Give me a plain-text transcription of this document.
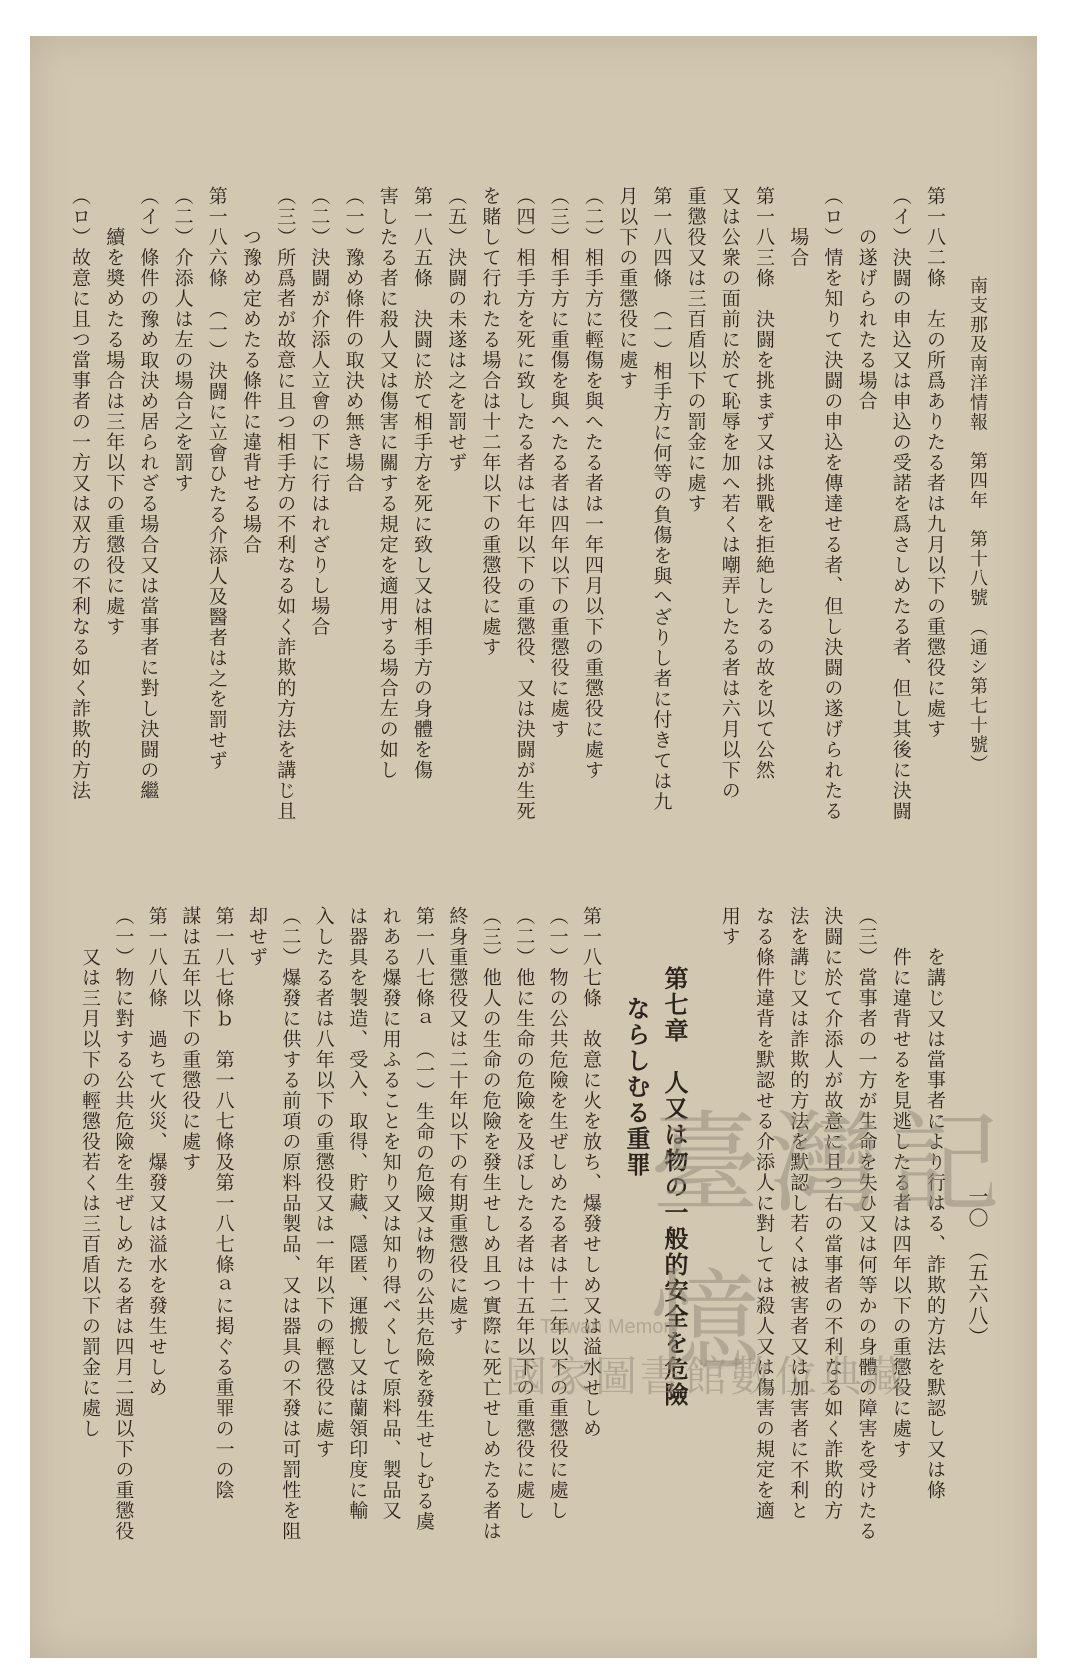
南支那及南洋情報　第四年　第十八號　（通シ第七十號）
一〇　（五六八）
第一八二條　左の所爲ありたる者は九月以下の重懲役に處す
（イ）決闘の申込又は申込の受諾を爲さしめたる者、但し其後に決闘
　　の遂げられたる場合
（ロ）情を知りて決闘の申込を傳達せる者、但し決闘の遂げられたる
　　場合
第一八三條　決闘を挑まず又は挑戰を拒絶したるの故を以て公然
又は公衆の面前に於て恥辱を加へ若くは嘲弄したる者は六月以下の
重懲役又は三百盾以下の罰金に處す
第一八四條　（一）相手方に何等の負傷を與へざりし者に付きては九
月以下の重懲役に處す
（二）相手方に輕傷を與へたる者は一年四月以下の重懲役に處す
（三）相手方に重傷を與へたる者は四年以下の重懲役に處す
（四）相手方を死に致したる者は七年以下の重懲役、又は決闘が生死
を賭して行れたる場合は十二年以下の重懲役に處す
（五）決闘の未遂は之を罰せず
第一八五條　決闘に於て相手方を死に致し又は相手方の身體を傷
害したる者に殺人又は傷害に關する規定を適用する場合左の如し
（一）豫め條件の取決め無き場合
（二）決闘が介添人立會の下に行はれざりし場合
（三）所爲者が故意に且つ相手方の不利なる如く詐欺的方法を講じ且
　　つ豫め定めたる條件に違背せる場合
第一八六條　（一）決闘に立會ひたる介添人及醫者は之を罰せず
（二）介添人は左の場合之を罰す
（イ）條件の豫め取決め居られざる場合又は當事者に對し決闘の繼
　　續を奬めたる場合は三年以下の重懲役に處す
（ロ）故意に且つ當事者の一方又は双方の不利なる如く詐欺的方法
　　を講じ又は當事者により行はる、詐欺的方法を默認し又は條
　　件に違背せるを見逃したる者は四年以下の重懲役に處す
（三）當事者の一方が生命を失ひ又は何等かの身體の障害を受けたる
決闘に於て介添人が故意に且つ右の當事者の不利なる如く詐欺的方
法を講じ又は詐欺的方法を默認し若くは被害者又は加害者に不利と
なる條件違背を默認せる介添人に對しては殺人又は傷害の規定を適
用す
第一八七條　故意に火を放ち、爆發せしめ又は溢水せしめ
（一）物の公共危險を生ぜしめたる者は十二年以下の重懲役に處し
（二）他に生命の危險を及ぼしたる者は十五年以下の重懲役に處し
（三）他人の生命の危險を發生せしめ且つ實際に死亡せしめたる者は
終身重懲役又は二十年以下の有期重懲役に處す
第一八七條ａ　（一）生命の危險又は物の公共危險を發生せしむる虞
れある爆發に用ふることを知り又は知り得べくして原料品、製品又
は器具を製造、受入、取得、貯藏、隱匿、運搬し又は蘭領印度に輸
入したる者は八年以下の重懲役又は一年以下の輕懲役に處す
（二）爆發に供する前項の原料品製品、又は器具の不發は可罰性を阻
却せず
第一八七條ｂ　第一八七條及第一八七條ａに掲ぐる重罪の一の陰
謀は五年以下の重懲役に處す
第一八八條　過ちて火災、爆發又は溢水を發生せしめ
（一）物に對する公共危險を生ぜしめたる者は四月二週以下の重懲役
　　又は三月以下の輕懲役若くは三百盾以下の罰金に處し	第七章　人又は物の一般的安全を危險
ならしむる重罪 臺灣記憶
Taiwan Memory
國家圖書館數位典藏
